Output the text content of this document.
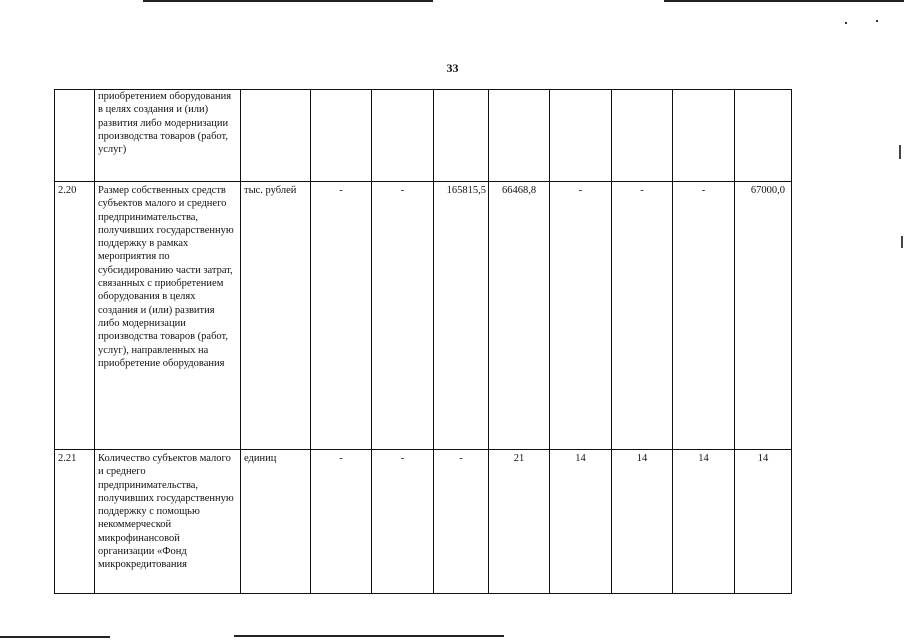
33

	приобретением оборудования в целях создания и (или) развития либо модернизации производства товаров (работ, услуг)									

2.20	Размер собственных средств субъектов малого и среднего предпринимательства, получивших государственную поддержку в рамках мероприятия по субсидированию части затрат, связанных с приобретением оборудования в целях создания и (или) развития либо модернизации производства товаров (работ, услуг), направленных на приобретение оборудования	тыс. рублей	-	-	165815,5	66468,8	-	-	-	67000,0
2.21	Количество субъектов малого и среднего предпринимательства, получивших государственную поддержку с помощью некоммерческой микрофинансовой организации «Фонд микрокредитования	единиц	-	-	-	21	14	14	14	14
